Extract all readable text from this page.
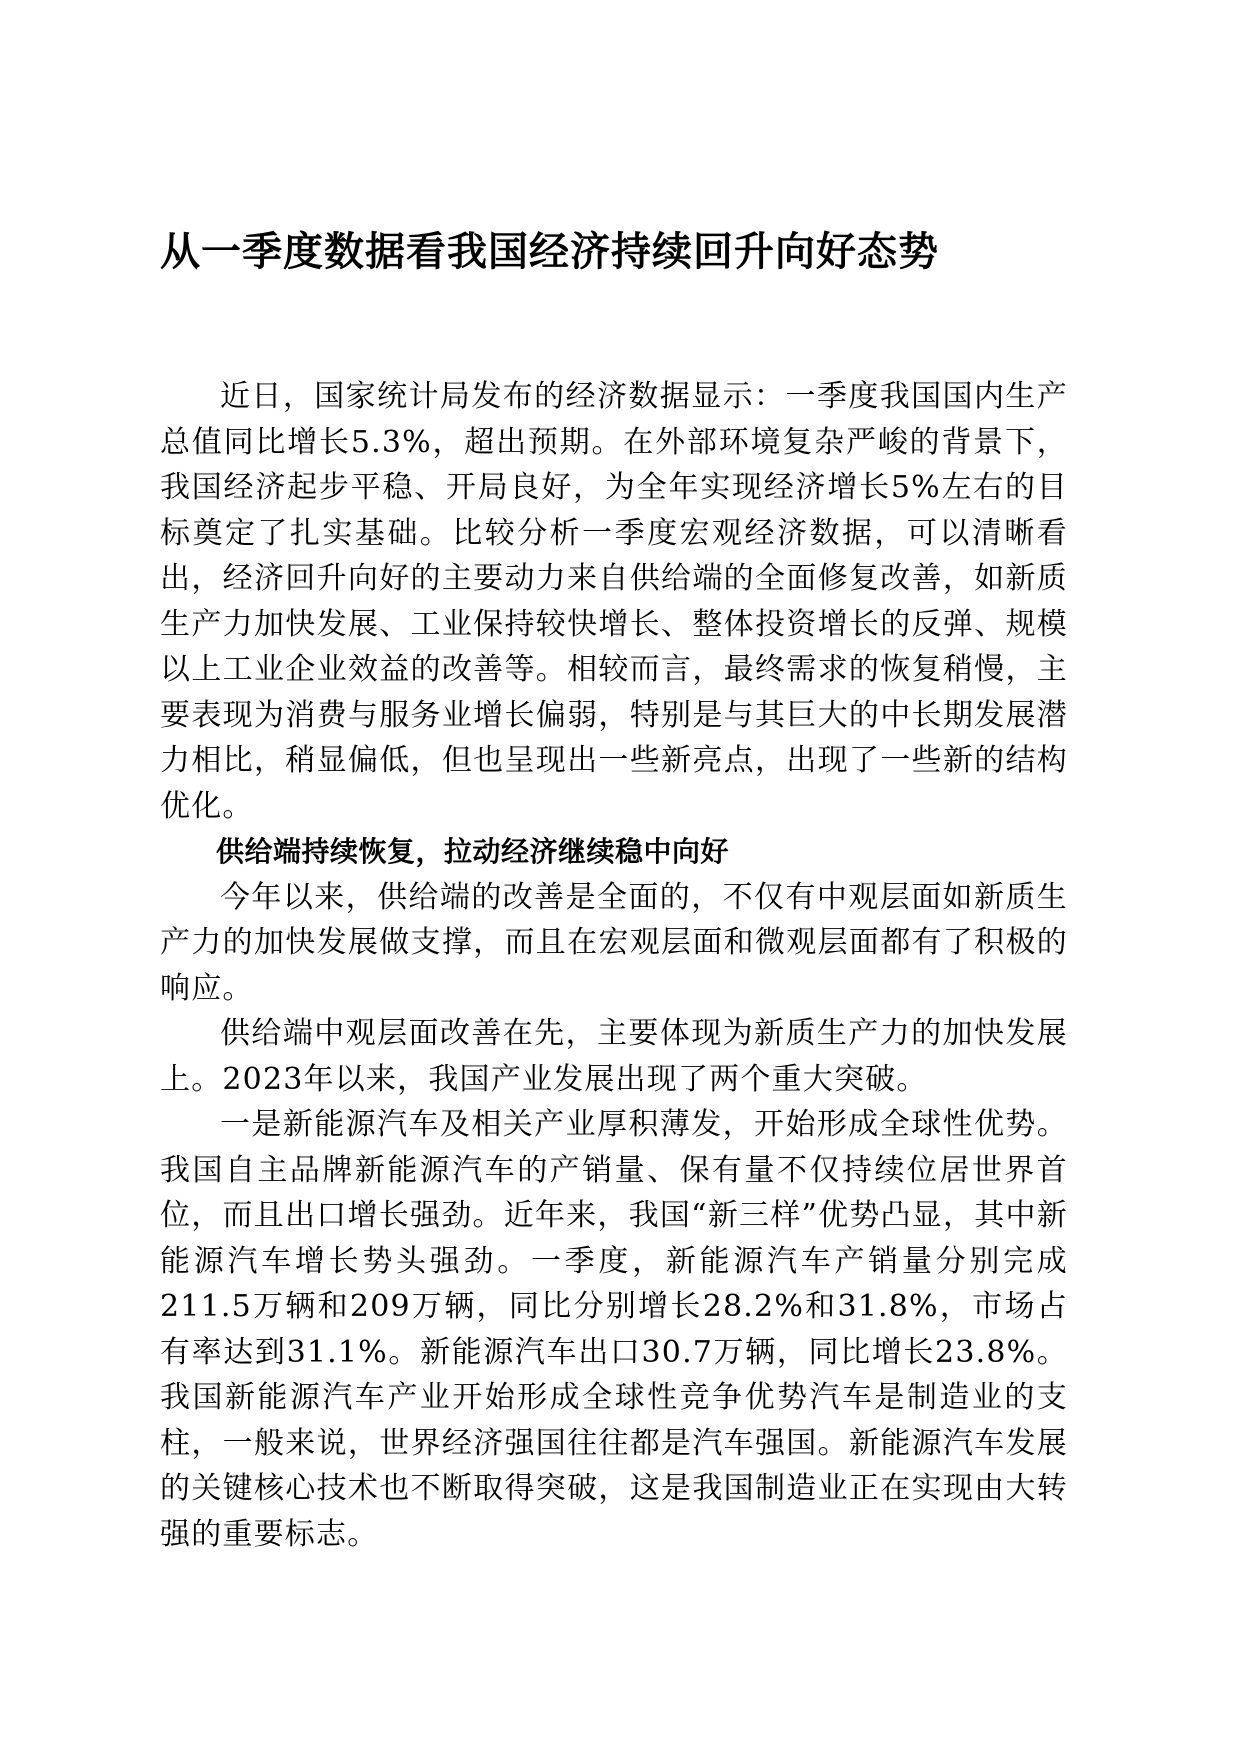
从一季度数据看我国经济持续回升向好态势

近日，国家统计局发布的经济数据显示：一季度我国国内生产总值同比增长5.3%，超出预期。在外部环境复杂严峻的背景下，我国经济起步平稳、开局良好，为全年实现经济增长5%左右的目标奠定了扎实基础。比较分析一季度宏观经济数据，可以清晰看出，经济回升向好的主要动力来自供给端的全面修复改善，如新质生产力加快发展、工业保持较快增长、整体投资增长的反弹、规模以上工业企业效益的改善等。相较而言，最终需求的恢复稍慢，主要表现为消费与服务业增长偏弱，特别是与其巨大的中长期发展潜力相比，稍显偏低，但也呈现出一些新亮点，出现了一些新的结构优化。

供给端持续恢复，拉动经济继续稳中向好

今年以来，供给端的改善是全面的，不仅有中观层面如新质生产力的加快发展做支撑，而且在宏观层面和微观层面都有了积极的响应。

供给端中观层面改善在先，主要体现为新质生产力的加快发展上。2023年以来，我国产业发展出现了两个重大突破。

一是新能源汽车及相关产业厚积薄发，开始形成全球性优势。我国自主品牌新能源汽车的产销量、保有量不仅持续位居世界首位，而且出口增长强劲。近年来，我国“新三样”优势凸显，其中新能源汽车增长势头强劲。一季度，新能源汽车产销量分别完成211.5万辆和209万辆，同比分别增长28.2%和31.8%，市场占有率达到31.1%。新能源汽车出口30.7万辆，同比增长23.8%。我国新能源汽车产业开始形成全球性竞争优势汽车是制造业的支柱，一般来说，世界经济强国往往都是汽车强国。新能源汽车发展的关键核心技术也不断取得突破，这是我国制造业正在实现由大转强的重要标志。
